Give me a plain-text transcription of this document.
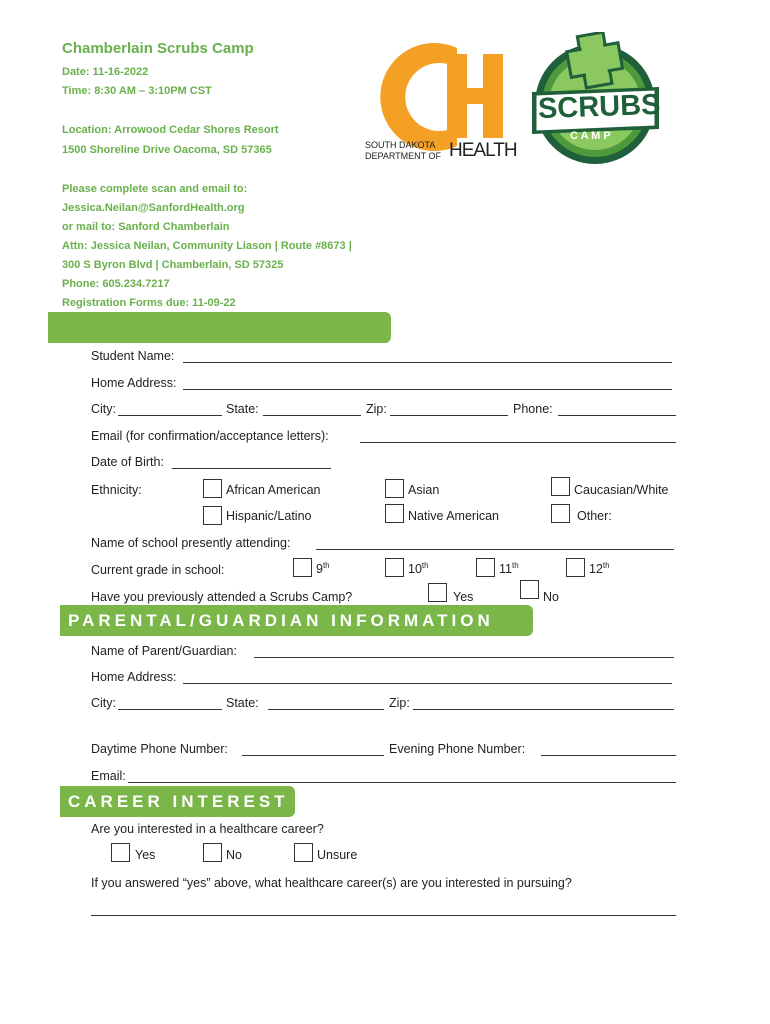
Chamberlain Scrubs Camp
Date: 11-16-2022
Time: 8:30 AM – 3:10PM CST
Location: Arrowood Cedar Shores Resort
1500 Shoreline Drive Oacoma, SD 57365
Please complete scan and email to:
Jessica.Neilan@SanfordHealth.org
or mail to: Sanford Chamberlain
Attn: Jessica Neilan, Community Liason | Route #8673 |
300 S Byron Blvd | Chamberlain, SD 57325
Phone: 605.234.7217
Registration Forms due: 11-09-22
SOUTH DAKOTA
DEPARTMENT OF HEALTH
SCRUBS
C A M P
Student Name:
Home Address:
City:	State:	Zip:	Phone:
Email (for confirmation/acceptance letters):
Date of Birth:
Ethnicity:	African American	Asian	Caucasian/White
Hispanic/Latino	Native American	Other:
Name of school presently attending:
Current grade in school:	9th	10th	11th	12th
Have you previously attended a Scrubs Camp?	Yes	No
PARENTAL/GUARDIAN INFORMATION
Name of Parent/Guardian:
Home Address:
City:	State:	Zip:
Daytime Phone Number:	Evening Phone Number:
Email:
CAREER INTEREST
Are you interested in a healthcare career?
Yes	No	Unsure
If you answered “yes” above, what healthcare career(s) are you interested in pursuing?
